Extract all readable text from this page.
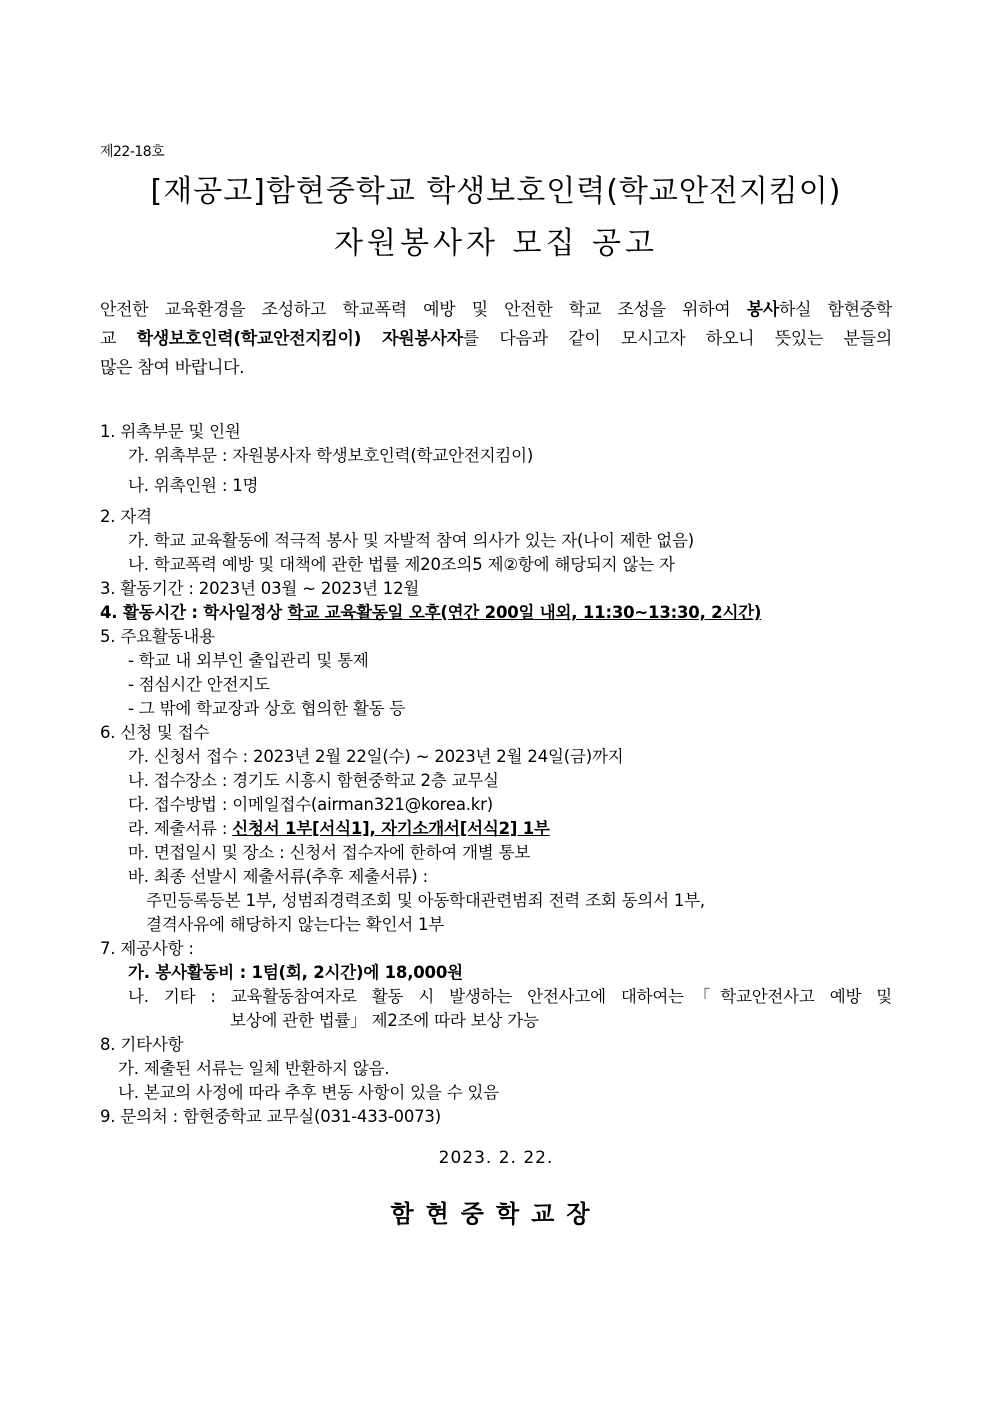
제22-18호
[재공고]함현중학교 학생보호인력(학교안전지킴이)
자원봉사자 모집 공고
안전한 교육환경을 조성하고 학교폭력 예방 및 안전한 학교 조성을 위하여 봉사하실 함현중학
교 학생보호인력(학교안전지킴이) 자원봉사자를 다음과 같이 모시고자 하오니 뜻있는 분들의
많은 참여 바랍니다.
1. 위촉부문 및 인원
가. 위촉부문 : 자원봉사자 학생보호인력(학교안전지킴이)
나. 위촉인원 : 1명
2. 자격
가. 학교 교육활동에 적극적 봉사 및 자발적 참여 의사가 있는 자(나이 제한 없음)
나. 학교폭력 예방 및 대책에 관한 법률 제20조의5 제②항에 해당되지 않는 자
3. 활동기간 : 2023년 03월 ~ 2023년 12월
4. 활동시간 : 학사일정상 학교 교육활동일 오후(연간 200일 내외, 11:30~13:30, 2시간)
5. 주요활동내용
- 학교 내 외부인 출입관리 및 통제
- 점심시간 안전지도
- 그 밖에 학교장과 상호 협의한 활동 등
6. 신청 및 접수
가. 신청서 접수 : 2023년 2월 22일(수) ~ 2023년 2월 24일(금)까지
나. 접수장소 : 경기도 시흥시 함현중학교 2층 교무실
다. 접수방법 : 이메일접수(airman321@korea.kr)
라. 제출서류 : 신청서 1부[서식1], 자기소개서[서식2] 1부
마. 면접일시 및 장소 : 신청서 접수자에 한하여 개별 통보
바. 최종 선발시 제출서류(추후 제출서류) :
주민등록등본 1부, 성범죄경력조회 및 아동학대관련범죄 전력 조회 동의서 1부,
결격사유에 해당하지 않는다는 확인서 1부
7. 제공사항 :
가. 봉사활동비 : 1텀(회, 2시간)에 18,000원
나. 기타 : 교육활동참여자로 활동 시 발생하는 안전사고에 대하여는「학교안전사고 예방 및
보상에 관한 법률」 제2조에 따라 보상 가능
8. 기타사항
가. 제출된 서류는 일체 반환하지 않음.
나. 본교의 사정에 따라 추후 변동 사항이 있을 수 있음
9. 문의처 : 함현중학교 교무실(031-433-0073)
2023. 2. 22.
함현중학교장
